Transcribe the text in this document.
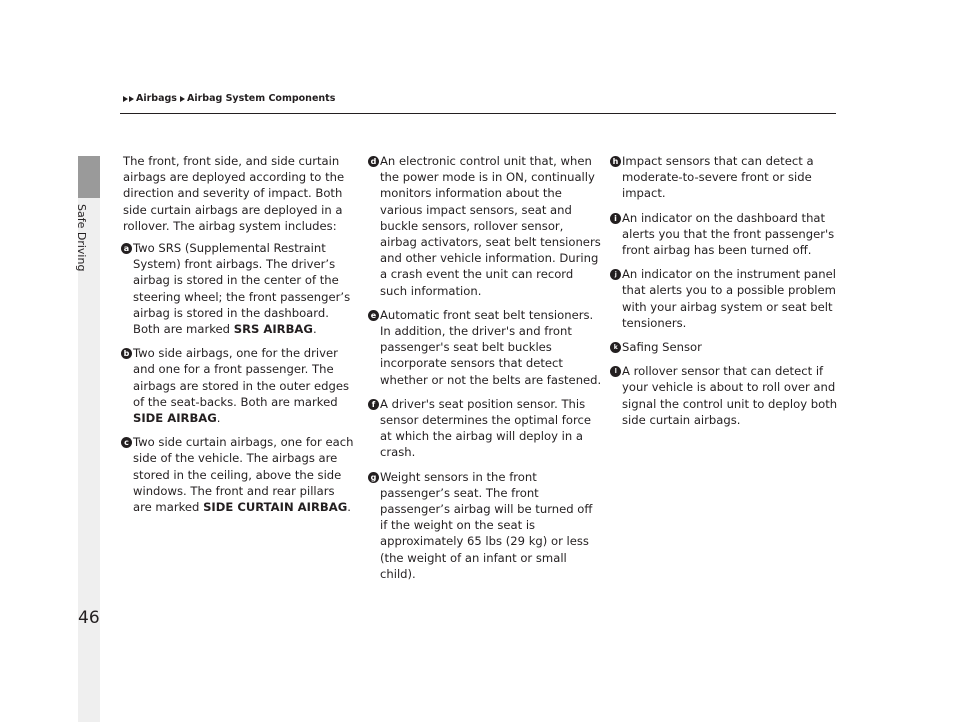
Safe Driving
Airbags Airbag System Components

The front, front side, and side curtain airbags are deployed according to the direction and severity of impact. Both side curtain airbags are deployed in a rollover. The airbag system includes:

a Two SRS (Supplemental Restraint System) front airbags. The driver’s airbag is stored in the center of the steering wheel; the front passenger’s airbag is stored in the dashboard. Both are marked SRS AIRBAG.
b Two side airbags, one for the driver and one for a front passenger. The airbags are stored in the outer edges of the seat-backs. Both are marked SIDE AIRBAG.
c Two side curtain airbags, one for each side of the vehicle. The airbags are stored in the ceiling, above the side windows. The front and rear pillars are marked SIDE CURTAIN AIRBAG.
d An electronic control unit that, when the power mode is in ON, continually monitors information about the various impact sensors, seat and buckle sensors, rollover sensor, airbag activators, seat belt tensioners and other vehicle information. During a crash event the unit can record such information.
e Automatic front seat belt tensioners. In addition, the driver's and front passenger's seat belt buckles incorporate sensors that detect whether or not the belts are fastened.
f A driver's seat position sensor. This sensor determines the optimal force at which the airbag will deploy in a crash.
g Weight sensors in the front passenger’s seat. The front passenger’s airbag will be turned off if the weight on the seat is approximately 65 lbs (29 kg) or less (the weight of an infant or small child).
h Impact sensors that can detect a moderate-to-severe front or side impact.
i An indicator on the dashboard that alerts you that the front passenger's front airbag has been turned off.
j An indicator on the instrument panel that alerts you to a possible problem with your airbag system or seat belt tensioners.
k Safing Sensor
l A rollover sensor that can detect if your vehicle is about to roll over and signal the control unit to deploy both side curtain airbags.
46
